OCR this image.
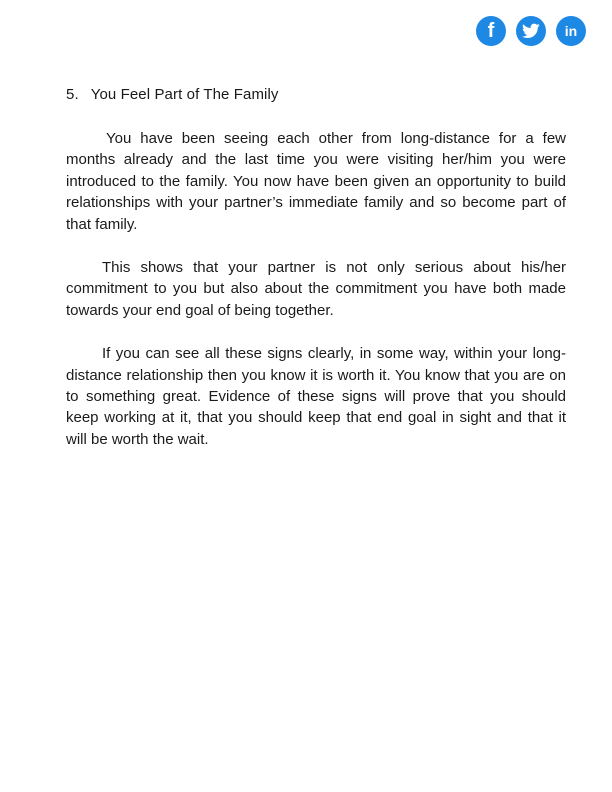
f	in
5. You Feel Part of The Family

You have been seeing each other from long-distance for a few months already and the last time you were visiting her/him you were introduced to the family. You now have been given an opportunity to build relationships with your partner’s immediate family and so become part of that family.

This shows that your partner is not only serious about his/her commitment to you but also about the commitment you have both made towards your end goal of being together.

If you can see all these signs clearly, in some way, within your long-distance relationship then you know it is worth it. You know that you are on to something great. Evidence of these signs will prove that you should keep working at it, that you should keep that end goal in sight and that it will be worth the wait.
